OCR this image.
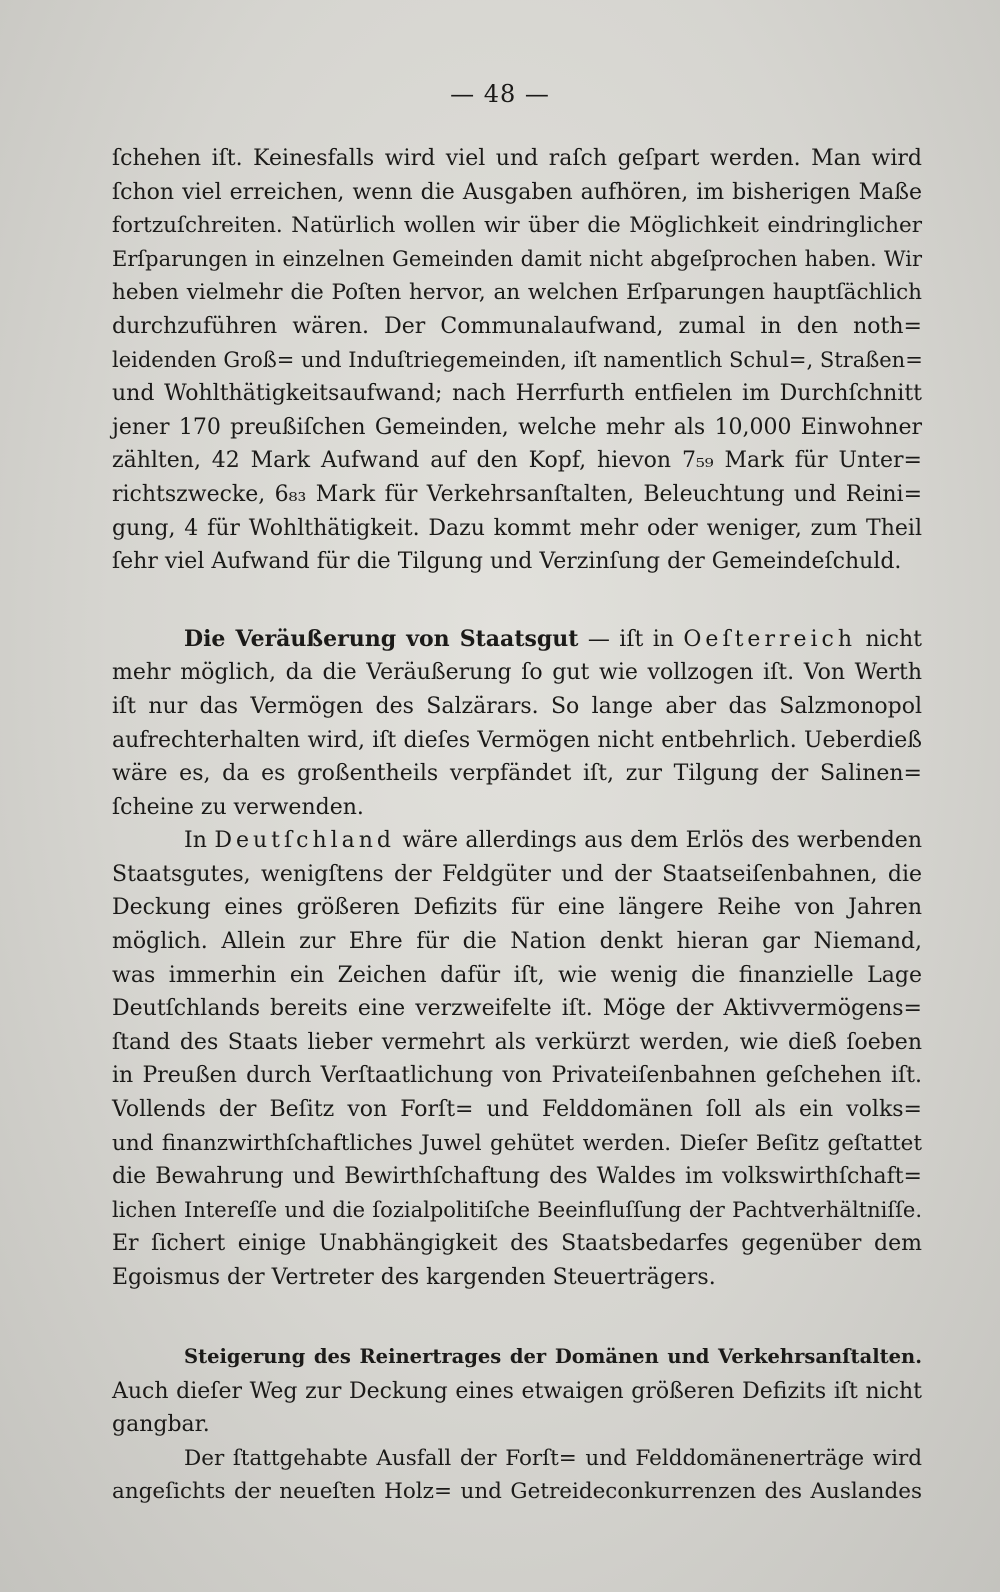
— 48 —
ſchehen iſt. Keinesfalls wird viel und raſch geſpart werden. Man wird
ſchon viel erreichen, wenn die Ausgaben aufhören, im bisherigen Maße
fortzuſchreiten. Natürlich wollen wir über die Möglichkeit eindringlicher
Erſparungen in einzelnen Gemeinden damit nicht abgeſprochen haben. Wir
heben vielmehr die Poſten hervor, an welchen Erſparungen hauptſächlich
durchzuführen wären. Der Communalaufwand, zumal in den noth=
leidenden Groß= und Induſtriegemeinden, iſt namentlich Schul=, Straßen=
und Wohlthätigkeitsaufwand; nach Herrfurth entfielen im Durchſchnitt
jener 170 preußiſchen Gemeinden, welche mehr als 10,000 Einwohner
zählten, 42 Mark Aufwand auf den Kopf, hievon 7₅₉ Mark für Unter=
richtszwecke, 6₈₃ Mark für Verkehrsanſtalten, Beleuchtung und Reini=
gung, 4 für Wohlthätigkeit. Dazu kommt mehr oder weniger, zum Theil
ſehr viel Aufwand für die Tilgung und Verzinſung der Gemeindeſchuld.
Die Veräußerung von Staatsgut — iſt in Oeſterreich nicht
mehr möglich, da die Veräußerung ſo gut wie vollzogen iſt. Von Werth
iſt nur das Vermögen des Salzärars. So lange aber das Salzmonopol
aufrechterhalten wird, iſt dieſes Vermögen nicht entbehrlich. Ueberdieß
wäre es, da es großentheils verpfändet iſt, zur Tilgung der Salinen=
ſcheine zu verwenden.
In Deutſchland wäre allerdings aus dem Erlös des werbenden
Staatsgutes, wenigſtens der Feldgüter und der Staatseiſenbahnen, die
Deckung eines größeren Defizits für eine längere Reihe von Jahren
möglich. Allein zur Ehre für die Nation denkt hieran gar Niemand,
was immerhin ein Zeichen dafür iſt, wie wenig die finanzielle Lage
Deutſchlands bereits eine verzweifelte iſt. Möge der Aktivvermögens=
ſtand des Staats lieber vermehrt als verkürzt werden, wie dieß ſoeben
in Preußen durch Verſtaatlichung von Privateiſenbahnen geſchehen iſt.
Vollends der Beſitz von Forſt= und Felddomänen ſoll als ein volks=
und finanzwirthſchaftliches Juwel gehütet werden. Dieſer Beſitz geſtattet
die Bewahrung und Bewirthſchaftung des Waldes im volkswirthſchaft=
lichen Intereſſe und die ſozialpolitiſche Beeinfluſſung der Pachtverhältniſſe.
Er ſichert einige Unabhängigkeit des Staatsbedarfes gegenüber dem
Egoismus der Vertreter des kargenden Steuerträgers.
Steigerung des Reinertrages der Domänen und Verkehrsanſtalten.
Auch dieſer Weg zur Deckung eines etwaigen größeren Defizits iſt nicht
gangbar.
Der ſtattgehabte Ausfall der Forſt= und Felddomänenerträge wird
angeſichts der neueſten Holz= und Getreideconkurrenzen des Auslandes
